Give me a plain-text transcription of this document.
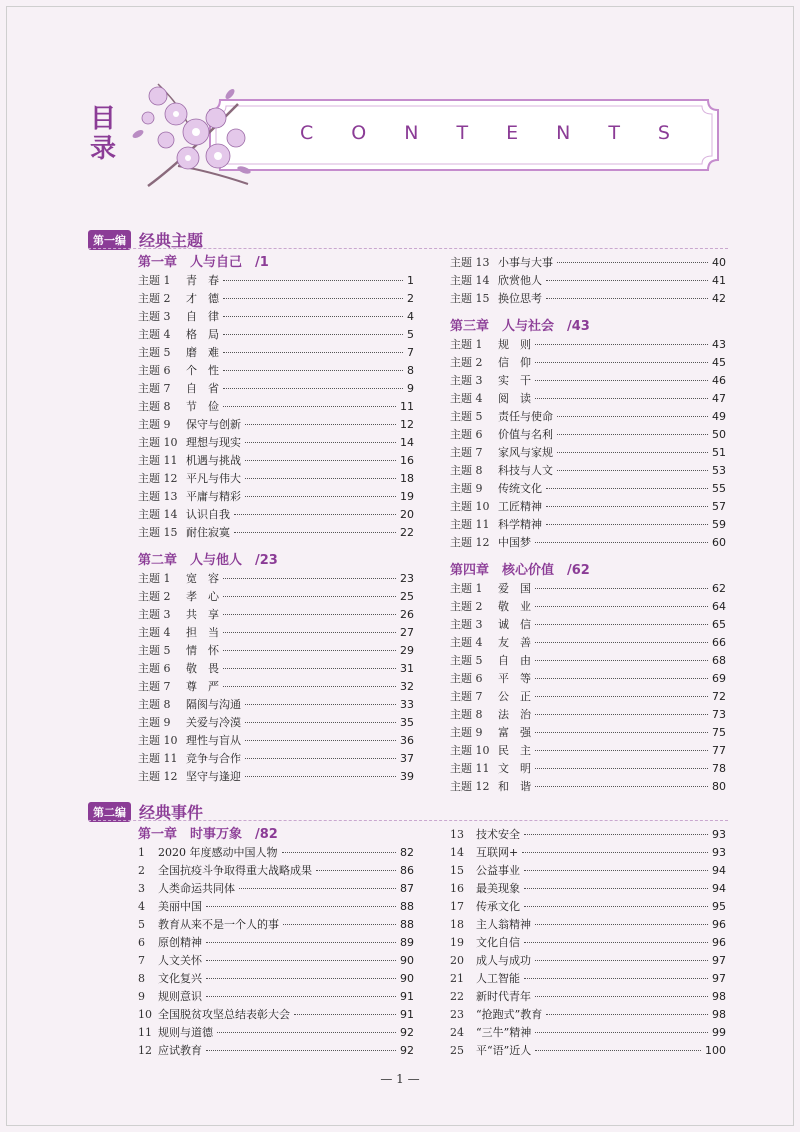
目
录
C O N T E N T S
第一编 经典主题
第一章　人与自己　/1
主题 1	青　春	1
主题 2	才　德	2
主题 3	自　律	4
主题 4	格　局	5
主题 5	磨　难	7
主题 6	个　性	8
主题 7	自　省	9
主题 8	节　俭	11
主题 9	保守与创新	12
主题 10 理想与现实	14
主题 11 机遇与挑战	16
主题 12 平凡与伟大	18
主题 13 平庸与精彩	19
主题 14 认识自我	20
主题 15 耐住寂寞	22
第二章　人与他人　/23
主题 1	宽　容	23
主题 2	孝　心	25
主题 3	共　享	26
主题 4	担　当	27
主题 5	情　怀	29
主题 6	敬　畏	31
主题 7	尊　严	32
主题 8	隔阂与沟通	33
主题 9	关爱与冷漠	35
主题 10 理性与盲从	36
主题 11 竞争与合作	37
主题 12 坚守与逢迎	39
主题 13 小事与大事	40
主题 14 欣赏他人	41
主题 15 换位思考	42
第三章　人与社会　/43
主题 1	规　则	43
主题 2	信　仰	45
主题 3	实　干	46
主题 4	阅　读	47
主题 5	责任与使命	49
主题 6	价值与名利	50
主题 7	家风与家规	51
主题 8	科技与人文	53
主题 9	传统文化	55
主题 10 工匠精神	57
主题 11 科学精神	59
主题 12 中国梦	60
第四章　核心价值　/62
主题 1	爱　国	62
主题 2	敬　业	64
主题 3	诚　信	65
主题 4	友　善	66
主题 5	自　由	68
主题 6	平　等	69
主题 7	公　正	72
主题 8	法　治	73
主题 9	富　强	75
主题 10 民　主	77
主题 11 文　明	78
主题 12 和　谐	80
第二编 经典事件
第一章　时事万象　/82
1	2020 年度感动中国人物	82
2	全国抗疫斗争取得重大战略成果	86
3	人类命运共同体	87
4	美丽中国	88
5	教育从来不是一个人的事	88
6	原创精神	89
7	人文关怀	90
8	文化复兴	90
9	规则意识	91
10 全国脱贫攻坚总结表彰大会	91
11 规则与道德	92
12 应试教育	92
13	技术安全	93
14	互联网+	93
15	公益事业	94
16	最美现象	94
17	传承文化	95
18	主人翁精神	96
19	文化自信	96
20	成人与成功	97
21	人工智能	97
22	新时代青年	98
23	“抢跑式”教育	98
24	“三牛”精神	99
25	平“语”近人	100
— 1 —
